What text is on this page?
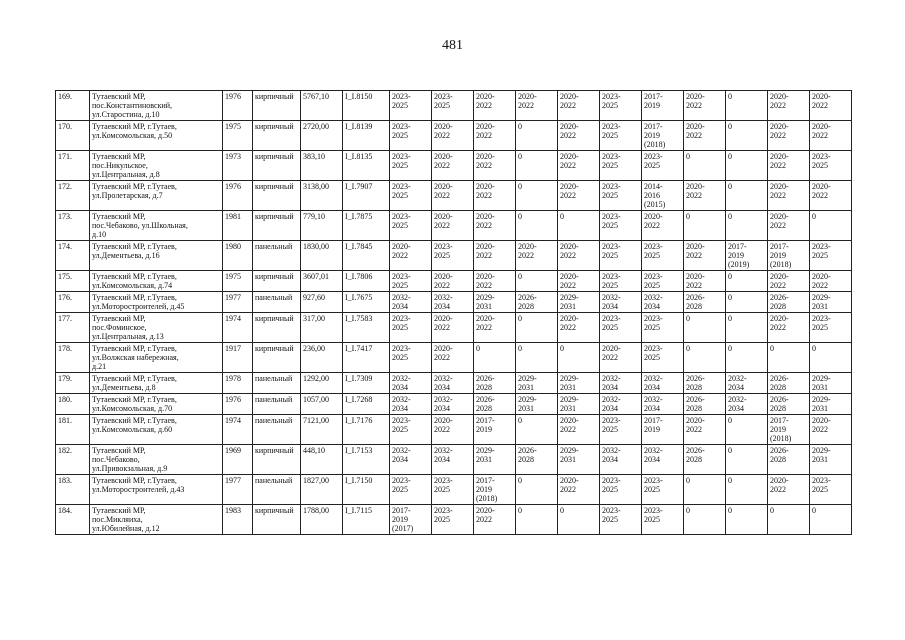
481
169.	Тутаевский МР,
пос.Константиновский,
ул.Старостина, д.10	1976	кирпичный	5767,10	I_I.8150	2023-
2025	2023-
2025	2020-
2022	2020-
2022	2020-
2022	2023-
2025	2017-
2019	2020-
2022	0	2020-
2022	2020-
2022
170.	Тутаевский МР, г.Тутаев,
ул.Комсомольская, д.50	1975	кирпичный	2720,00	I_I.8139	2023-
2025	2020-
2022	2020-
2022	0	2020-
2022	2023-
2025	2017-
2019
(2018)	2020-
2022	0	2020-
2022	2020-
2022
171.	Тутаевский МР,
пос.Никульское,
ул.Центральная, д.8	1973	кирпичный	383,10	I_I.8135	2023-
2025	2020-
2022	2020-
2022	0	2020-
2022	2023-
2025	2023-
2025	0	0	2020-
2022	2023-
2025
172.	Тутаевский МР, г.Тутаев,
ул.Пролетарская, д.7	1976	кирпичный	3138,00	I_I.7907	2023-
2025	2020-
2022	2020-
2022	0	2020-
2022	2023-
2025	2014-
2016
(2015)	2020-
2022	0	2020-
2022	2020-
2022
173.	Тутаевский МР,
пос.Чебаково, ул.Школьная,
д.10	1981	кирпичный	779,10	I_I.7875	2023-
2025	2020-
2022	2020-
2022	0	0	2023-
2025	2020-
2022	0	0	2020-
2022	0
174.	Тутаевский МР, г.Тутаев,
ул.Дементьева, д.16	1980	панельный	1830,00	I_I.7845	2020-
2022	2023-
2025	2020-
2022	2020-
2022	2020-
2022	2023-
2025	2023-
2025	2020-
2022	2017-
2019
(2019)	2017-
2019
(2018)	2023-
2025
175.	Тутаевский МР, г.Тутаев,
ул.Комсомольская, д.74	1975	кирпичный	3607,01	I_I.7806	2023-
2025	2020-
2022	2020-
2022	0	2020-
2022	2023-
2025	2023-
2025	2020-
2022	0	2020-
2022	2020-
2022
176.	Тутаевский МР, г.Тутаев,
ул.Моторостроителей, д.45	1977	панельный	927,60	I_I.7675	2032-
2034	2032-
2034	2029-
2031	2026-
2028	2029-
2031	2032-
2034	2032-
2034	2026-
2028	0	2026-
2028	2029-
2031
177.	Тутаевский МР,
пос.Фоминское,
ул.Центральная, д.13	1974	кирпичный	317,00	I_I.7583	2023-
2025	2020-
2022	2020-
2022	0	2020-
2022	2023-
2025	2023-
2025	0	0	2020-
2022	2023-
2025
178.	Тутаевский МР, г.Тутаев,
ул.Волжская набережная,
д.21	1917	кирпичный	236,00	I_I.7417	2023-
2025	2020-
2022	0	0	0	2020-
2022	2023-
2025	0	0	0	0
179.	Тутаевский МР, г.Тутаев,
ул.Дементьева, д.8	1978	панельный	1292,00	I_I.7309	2032-
2034	2032-
2034	2026-
2028	2029-
2031	2029-
2031	2032-
2034	2032-
2034	2026-
2028	2032-
2034	2026-
2028	2029-
2031
180.	Тутаевский МР, г.Тутаев,
ул.Комсомольская, д.70	1976	панельный	1057,00	I_I.7268	2032-
2034	2032-
2034	2026-
2028	2029-
2031	2029-
2031	2032-
2034	2032-
2034	2026-
2028	2032-
2034	2026-
2028	2029-
2031
181.	Тутаевский МР, г.Тутаев,
ул.Комсомольская, д.60	1974	панельный	7121,00	I_I.7176	2023-
2025	2020-
2022	2017-
2019	0	2020-
2022	2023-
2025	2017-
2019	2020-
2022	0	2017-
2019
(2018)	2020-
2022
182.	Тутаевский МР,
пос.Чебаково,
ул.Привокзальная, д.9	1969	кирпичный	448,10	I_I.7153	2032-
2034	2032-
2034	2029-
2031	2026-
2028	2029-
2031	2032-
2034	2032-
2034	2026-
2028	0	2026-
2028	2029-
2031
183.	Тутаевский МР, г.Тутаев,
ул.Моторостроителей, д.43	1977	панельный	1827,00	I_I.7150	2023-
2025	2023-
2025	2017-
2019
(2018)	0	2020-
2022	2023-
2025	2023-
2025	0	0	2020-
2022	2023-
2025
184.	Тутаевский МР,
пос.Микляиха,
ул.Юбилейная, д.12	1983	кирпичный	1788,00	I_I.7115	2017-
2019
(2017)	2023-
2025	2020-
2022	0	0	2023-
2025	2023-
2025	0	0	0	0
